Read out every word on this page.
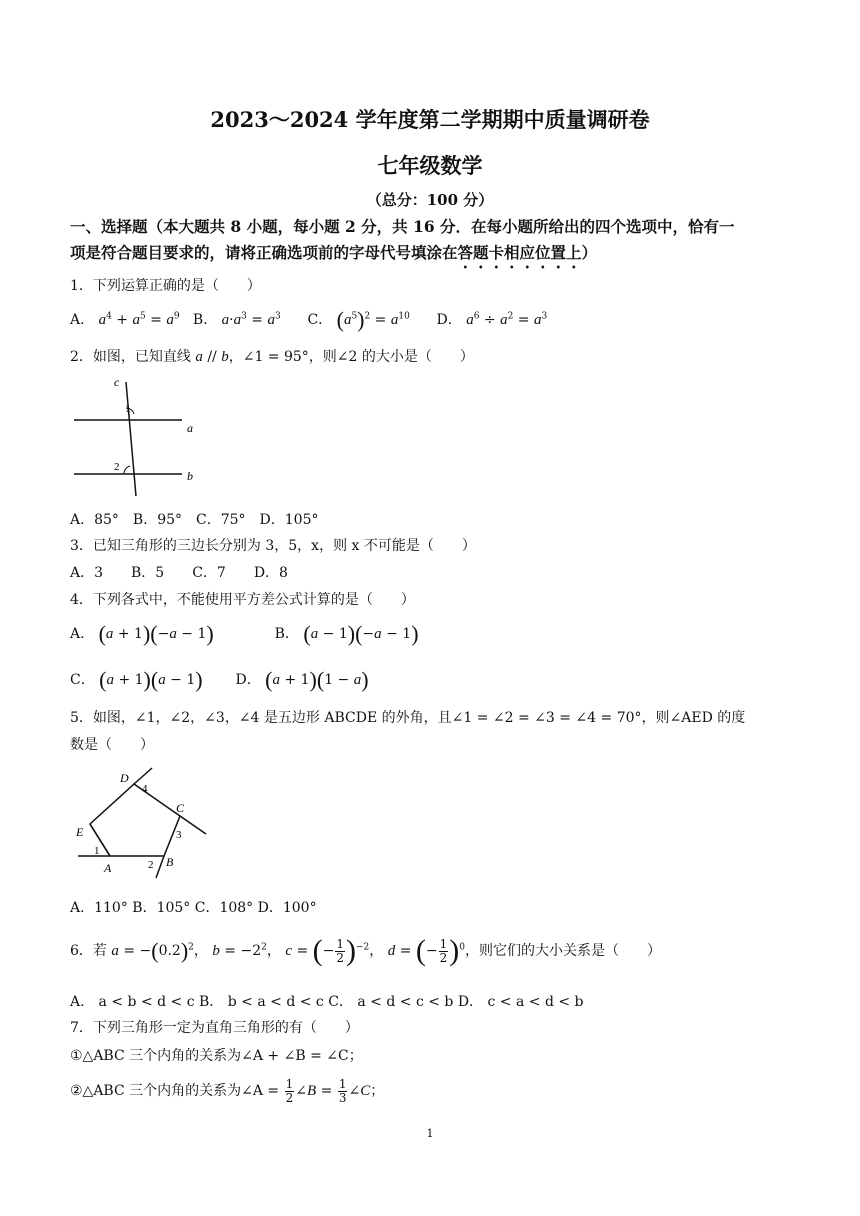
2023～2024 学年度第二学期期中质量调研卷
七年级数学
（总分：100 分）
一、选择题（本大题共 8 小题，每小题 2 分，共 16 分．在每小题所给出的四个选项中，恰有一
项是符合题目要求的，请将正确选项前的字母代号填涂在答题卡相应位置上）
1．下列运算正确的是（　　）
A． $a^4 + a^5 = a^9$ B． $a\cdot a^3 = a^3$ C． $(a^5)^2 = a^{10}$ D． $a^6 \div a^2 = a^3$
2．如图，已知直线 a // b，∠1 = 95°，则∠2 的大小是（　　）
c
a
b
1
2
A．85°　B．95°　C．75°　D．105°
3．已知三角形的三边长分别为 3，5，x，则 x 不可能是（　　）
A．3　　B．5　　C．7　　D．8
4．下列各式中，不能使用平方差公式计算的是（　　）
A． (a + 1)(−a − 1)	B． (a − 1)(−a − 1)
C． (a + 1)(a − 1) D． (a + 1)(1 − a)
5．如图，∠1，∠2，∠3，∠4 是五边形 ABCDE 的外角，且∠1 = ∠2 = ∠3 = ∠4 = 70°，则∠AED 的度
数是（　　）
A	B
C
D
E
1
2
3
4
A．110° B．105° C．108° D．100°
6．若 $a = -(0.2)^2$， $b = -2^2$， c = (− $\frac{1}{2} )^{-2}$， d = (− $\frac{1}{2} )^0$，则它们的大小关系是（　　）
A． a < b < d < c B． b < a < d < c C． a < d < c < b D． c < a < d < b
7．下列三角形一定为直角三角形的有（　　）
①△ABC 三个内角的关系为∠A + ∠B = ∠C；
②△ABC 三个内角的关系为∠A = $\frac{1}{2}$ ∠B = $\frac{1}{3}$ ∠C；
1
